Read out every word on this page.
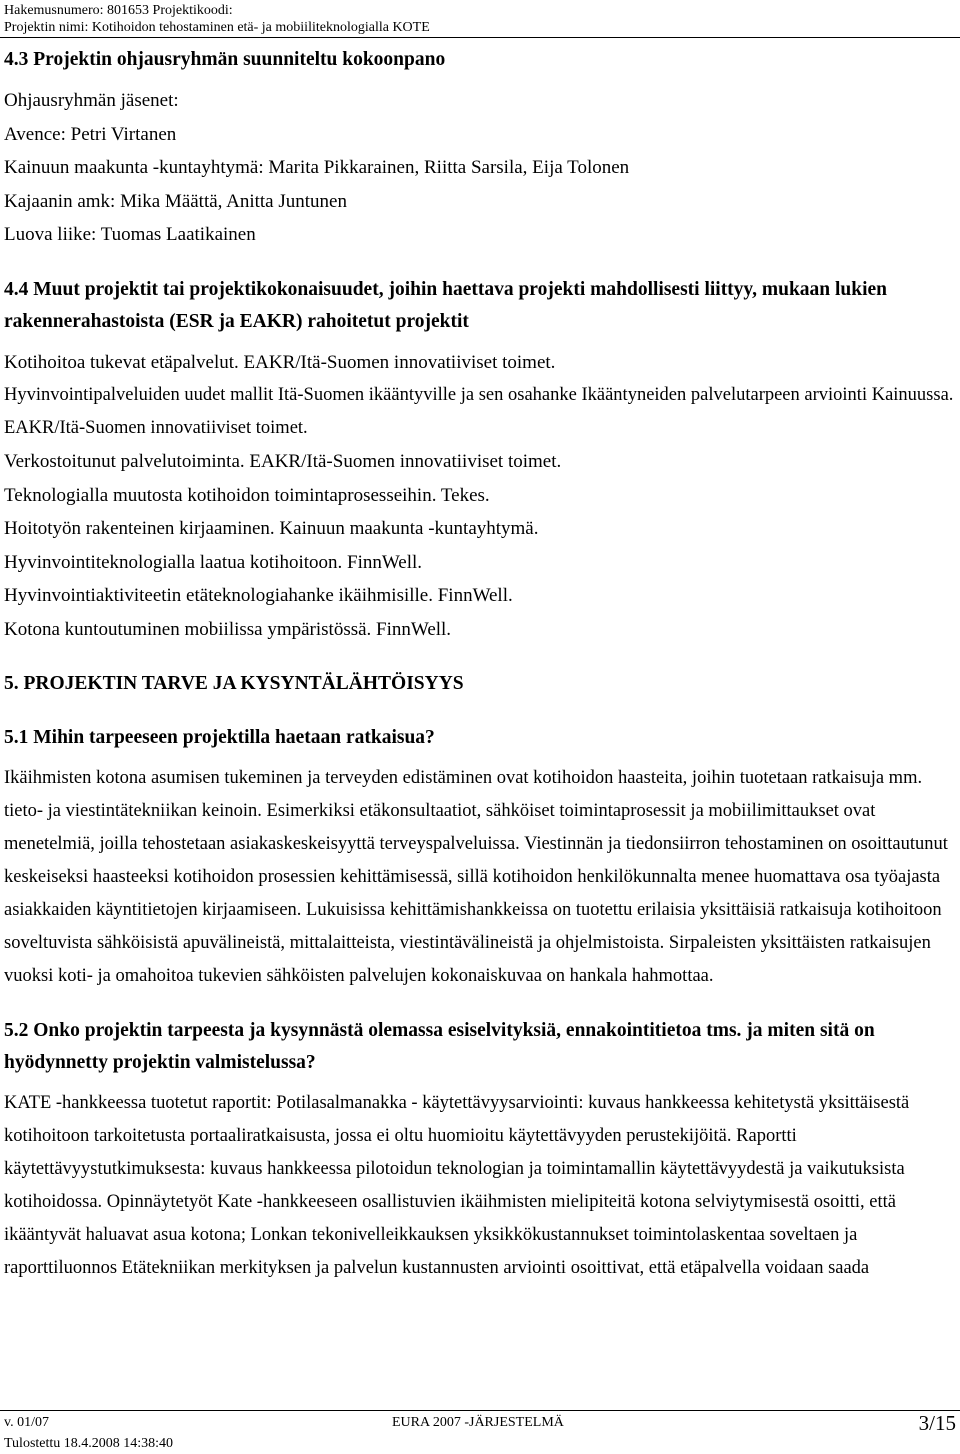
Hakemusnumero: 801653 Projektikoodi:
Projektin nimi: Kotihoidon tehostaminen etä- ja mobiiliteknologialla KOTE

4.3 Projektin ohjausryhmän suunniteltu kokoonpano

Ohjausryhmän jäsenet:

Avence: Petri Virtanen

Kainuun maakunta -kuntayhtymä: Marita Pikkarainen, Riitta Sarsila, Eija Tolonen

Kajaanin amk: Mika Määttä, Anitta Juntunen

Luova liike: Tuomas Laatikainen

4.4 Muut projektit tai projektikokonaisuudet, joihin haettava projekti mahdollisesti liittyy, mukaan lukien rakennerahastoista (ESR ja EAKR) rahoitetut projektit

Kotihoitoa tukevat etäpalvelut. EAKR/Itä-Suomen innovatiiviset toimet.

Hyvinvointipalveluiden uudet mallit Itä-Suomen ikääntyville ja sen osahanke Ikääntyneiden palvelutarpeen arviointi Kainuussa. EAKR/Itä-Suomen innovatiiviset toimet.

Verkostoitunut palvelutoiminta. EAKR/Itä-Suomen innovatiiviset toimet.

Teknologialla muutosta kotihoidon toimintaprosesseihin. Tekes.

Hoitotyön rakenteinen kirjaaminen. Kainuun maakunta -kuntayhtymä.

Hyvinvointiteknologialla laatua kotihoitoon. FinnWell.

Hyvinvointiaktiviteetin etäteknologiahanke ikäihmisille. FinnWell.

Kotona kuntoutuminen mobiilissa ympäristössä. FinnWell.

5. PROJEKTIN TARVE JA KYSYNTÄLÄHTÖISYYS

5.1 Mihin tarpeeseen projektilla haetaan ratkaisua?

Ikäihmisten kotona asumisen tukeminen ja terveyden edistäminen ovat kotihoidon haasteita, joihin tuotetaan ratkaisuja mm. tieto- ja viestintätekniikan keinoin. Esimerkiksi etäkonsultaatiot, sähköiset toimintaprosessit ja mobiilimittaukset ovat menetelmiä, joilla tehostetaan asiakaskeskeisyyttä terveyspalveluissa. Viestinnän ja tiedonsiirron tehostaminen on osoittautunut keskeiseksi haasteeksi kotihoidon prosessien kehittämisessä, sillä kotihoidon henkilökunnalta menee huomattava osa työajasta asiakkaiden käyntitietojen kirjaamiseen. Lukuisissa kehittämishankkeissa on tuotettu erilaisia yksittäisiä ratkaisuja kotihoitoon soveltuvista sähköisistä apuvälineistä, mittalaitteista, viestintävälineistä ja ohjelmistoista. Sirpaleisten yksittäisten ratkaisujen vuoksi koti- ja omahoitoa tukevien sähköisten palvelujen kokonaiskuvaa on hankala hahmottaa.

5.2 Onko projektin tarpeesta ja kysynnästä olemassa esiselvityksiä, ennakointitietoa tms. ja miten sitä on hyödynnetty projektin valmistelussa?

KATE -hankkeessa tuotetut raportit: Potilasalmanakka - käytettävyysarviointi: kuvaus hankkeessa kehitetystä yksittäisestä kotihoitoon tarkoitetusta portaaliratkaisusta, jossa ei oltu huomioitu käytettävyyden perustekijöitä. Raportti käytettävyystutkimuksesta: kuvaus hankkeessa pilotoidun teknologian ja toimintamallin käytettävyydestä ja vaikutuksista kotihoidossa. Opinnäytetyöt Kate -hankkeeseen osallistuvien ikäihmisten mielipiteitä kotona selviytymisestä osoitti, että ikääntyvät haluavat asua kotona; Lonkan tekonivelleikkauksen yksikkökustannukset toimintolaskentaa soveltaen ja raporttiluonnos Etätekniikan merkityksen ja palvelun kustannusten arviointi osoittivat, että etäpalvella voidaan saada

v. 01/07
Tulostettu 18.4.2008 14:38:40
EURA 2007 -JÄRJESTELMÄ	3/15
